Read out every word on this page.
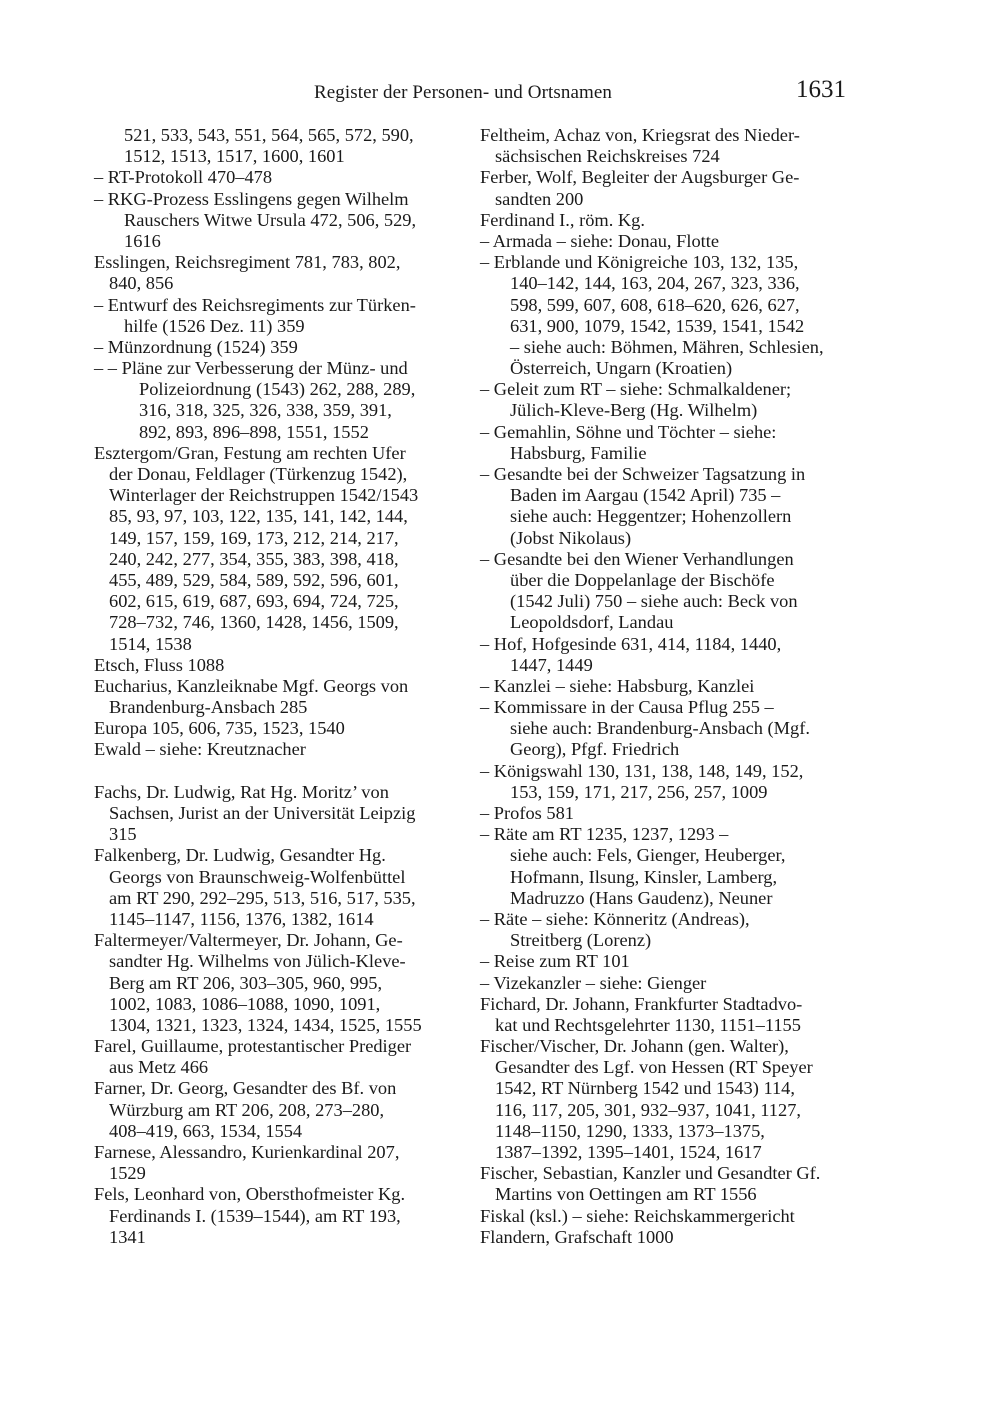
Register der Personen- und Ortsnamen	1631
521, 533, 543, 551, 564, 565, 572, 590,
1512, 1513, 1517, 1600, 1601
– RT-Protokoll 470–478
– RKG-Prozess Esslingens gegen Wilhelm
Rauschers Witwe Ursula 472, 506, 529,
1616
Esslingen, Reichsregiment 781, 783, 802,
840, 856
– Entwurf des Reichsregiments zur Türken-
hilfe (1526 Dez. 11) 359
– Münzordnung (1524) 359
– – Pläne zur Verbesserung der Münz- und
Polizeiordnung (1543) 262, 288, 289,
316, 318, 325, 326, 338, 359, 391,
892, 893, 896–898, 1551, 1552
Esztergom/Gran, Festung am rechten Ufer
der Donau, Feldlager (Türkenzug 1542),
Winterlager der Reichstruppen 1542/1543
85, 93, 97, 103, 122, 135, 141, 142, 144,
149, 157, 159, 169, 173, 212, 214, 217,
240, 242, 277, 354, 355, 383, 398, 418,
455, 489, 529, 584, 589, 592, 596, 601,
602, 615, 619, 687, 693, 694, 724, 725,
728–732, 746, 1360, 1428, 1456, 1509,
1514, 1538
Etsch, Fluss 1088
Eucharius, Kanzleiknabe Mgf. Georgs von
Brandenburg-Ansbach 285
Europa 105, 606, 735, 1523, 1540
Ewald – siehe: Kreutznacher
Fachs, Dr. Ludwig, Rat Hg. Moritz’ von
Sachsen, Jurist an der Universität Leipzig
315
Falkenberg, Dr. Ludwig, Gesandter Hg.
Georgs von Braunschweig-Wolfenbüttel
am RT 290, 292–295, 513, 516, 517, 535,
1145–1147, 1156, 1376, 1382, 1614
Faltermeyer/Valtermeyer, Dr. Johann, Ge-
sandter Hg. Wilhelms von Jülich-Kleve-
Berg am RT 206, 303–305, 960, 995,
1002, 1083, 1086–1088, 1090, 1091,
1304, 1321, 1323, 1324, 1434, 1525, 1555
Farel, Guillaume, protestantischer Prediger
aus Metz 466
Farner, Dr. Georg, Gesandter des Bf. von
Würzburg am RT 206, 208, 273–280,
408–419, 663, 1534, 1554
Farnese, Alessandro, Kurienkardinal 207,
1529
Fels, Leonhard von, Obersthofmeister Kg.
Ferdinands I. (1539–1544), am RT 193,
1341
Feltheim, Achaz von, Kriegsrat des Nieder-
sächsischen Reichskreises 724
Ferber, Wolf, Begleiter der Augsburger Ge-
sandten 200
Ferdinand I., röm. Kg.
– Armada – siehe: Donau, Flotte
– Erblande und Königreiche 103, 132, 135,
140–142, 144, 163, 204, 267, 323, 336,
598, 599, 607, 608, 618–620, 626, 627,
631, 900, 1079, 1542, 1539, 1541, 1542
– siehe auch: Böhmen, Mähren, Schlesien,
Österreich, Ungarn (Kroatien)
– Geleit zum RT – siehe: Schmalkaldener;
Jülich-Kleve-Berg (Hg. Wilhelm)
– Gemahlin, Söhne und Töchter – siehe:
Habsburg, Familie
– Gesandte bei der Schweizer Tagsatzung in
Baden im Aargau (1542 April) 735 –
siehe auch: Heggentzer; Hohenzollern
(Jobst Nikolaus)
– Gesandte bei den Wiener Verhandlungen
über die Doppelanlage der Bischöfe
(1542 Juli) 750 – siehe auch: Beck von
Leopoldsdorf, Landau
– Hof, Hofgesinde 631, 414, 1184, 1440,
1447, 1449
– Kanzlei – siehe: Habsburg, Kanzlei
– Kommissare in der Causa Pflug 255 –
siehe auch: Brandenburg-Ansbach (Mgf.
Georg), Pfgf. Friedrich
– Königswahl 130, 131, 138, 148, 149, 152,
153, 159, 171, 217, 256, 257, 1009
– Profos 581
– Räte am RT 1235, 1237, 1293 –
siehe auch: Fels, Gienger, Heuberger,
Hofmann, Ilsung, Kinsler, Lamberg,
Madruzzo (Hans Gaudenz), Neuner
– Räte – siehe: Könneritz (Andreas),
Streitberg (Lorenz)
– Reise zum RT 101
– Vizekanzler – siehe: Gienger
Fichard, Dr. Johann, Frankfurter Stadtadvo-
kat und Rechtsgelehrter 1130, 1151–1155
Fischer/Vischer, Dr. Johann (gen. Walter),
Gesandter des Lgf. von Hessen (RT Speyer
1542, RT Nürnberg 1542 und 1543) 114,
116, 117, 205, 301, 932–937, 1041, 1127,
1148–1150, 1290, 1333, 1373–1375,
1387–1392, 1395–1401, 1524, 1617
Fischer, Sebastian, Kanzler und Gesandter Gf.
Martins von Oettingen am RT 1556
Fiskal (ksl.) – siehe: Reichskammergericht
Flandern, Grafschaft 1000
